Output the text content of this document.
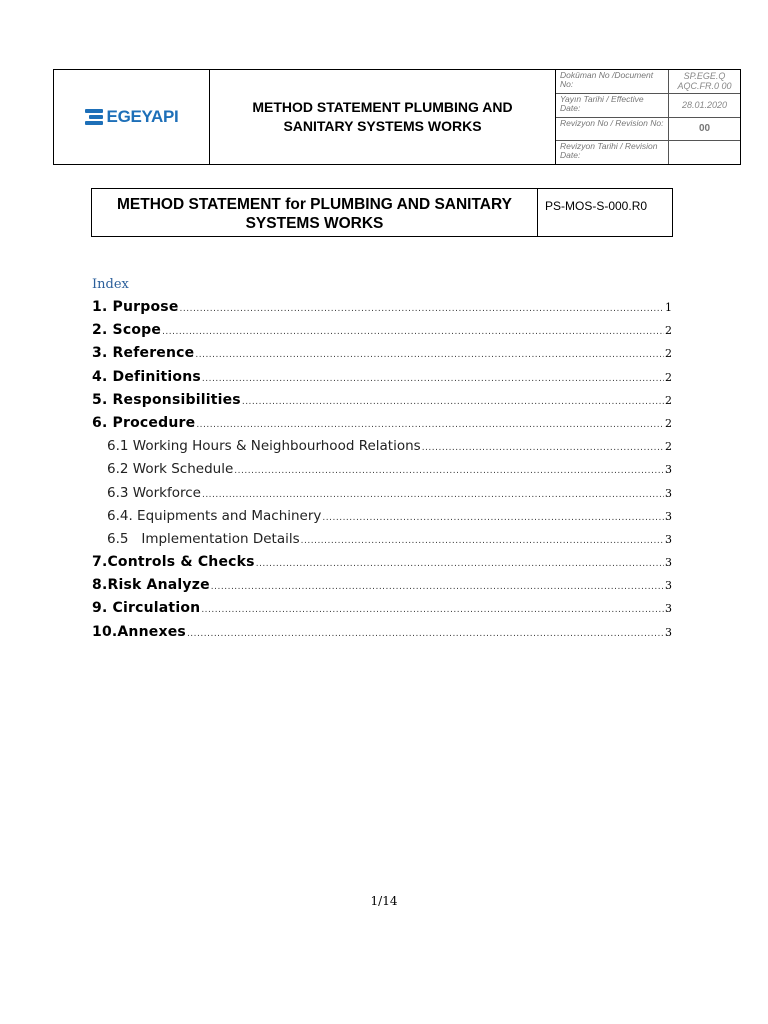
EGEYAPI	METHOD STATEMENT PLUMBING AND SANITARY SYSTEMS WORKS
Doküman No /Document No:
SP.EGE.Q AQC.FR.0 00
Yayın Tarihi / Effective Date:	28.01.2020
Revizyon No / Revision No:
00
Revizyon Tarihi / Revision Date:
METHOD STATEMENT for PLUMBING AND SANITARY SYSTEMS WORKS
PS-MOS-S-000.R0
Index
1. Purpose .....	1
2. Scope .....	2
3. Reference .....	2
4. Definitions .....	2
5. Responsibilities .....	2
6. Procedure .....	2
6.1 Working Hours & Neighbourhood Relations .....	2
6.2 Work Schedule .....	3
6.3 Workforce .....	3
6.4. Equipments and Machinery .....	3
6.5   Implementation Details .....	3
7.Controls & Checks .....	3
8.Risk Analyze .....	3
9. Circulation .....	3
10.Annexes .....	3
1/14
